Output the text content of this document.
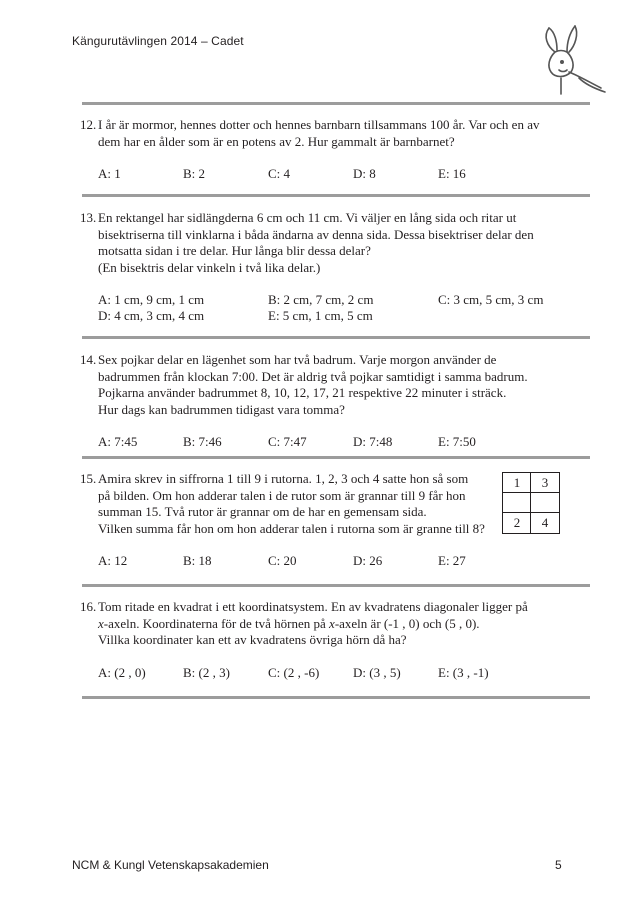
Kängurutävlingen 2014 – Cadet
12. I år är mormor, hennes dotter och hennes barnbarn tillsammans 100 år. Var och en av
dem har en ålder som är en potens av 2. Hur gammalt är barnbarnet?
A: 1	B: 2	C: 4	D: 8	E: 16
13. En rektangel har sidlängderna 6 cm och 11 cm. Vi väljer en lång sida och ritar ut
bisektriserna till vinklarna i båda ändarna av denna sida. Dessa bisektriser delar den
motsatta sidan i tre delar. Hur långa blir dessa delar?
(En bisektris delar vinkeln i två lika delar.)
A: 1 cm, 9 cm, 1 cm	B: 2 cm, 7 cm, 2 cm	C: 3 cm, 5 cm, 3 cm
D: 4 cm, 3 cm, 4 cm	E: 5 cm, 1 cm, 5 cm
14. Sex pojkar delar en lägenhet som har två badrum. Varje morgon använder de
badrummen från klockan 7:00. Det är aldrig två pojkar samtidigt i samma badrum.
Pojkarna använder badrummet 8, 10, 12, 17, 21 respektive 22 minuter i sträck.
Hur dags kan badrummen tidigast vara tomma?
A: 7:45	B: 7:46	C: 7:47	D: 7:48	E: 7:50
15. Amira skrev in siffrorna 1 till 9 i rutorna. 1, 2, 3 och 4 satte hon så som
på bilden. Om hon adderar talen i de rutor som är grannar till 9 får hon
summan 15. Två rutor är grannar om de har en gemensam sida.
Vilken summa får hon om hon adderar talen i rutorna som är granne till 8?
A: 12	B: 18	C: 20	D: 26	E: 27
1	3
2	4
16. Tom ritade en kvadrat i ett koordinatsystem. En av kvadratens diagonaler ligger på
x-axeln. Koordinaterna för de två hörnen på x-axeln är (-1 , 0) och (5 , 0).
Villka koordinater kan ett av kvadratens övriga hörn då ha?
A: (2 , 0)	B: (2 , 3)	C: (2 , -6)	D: (3 , 5)	E: (3 , -1)
NCM & Kungl Vetenskapsakademien	5
